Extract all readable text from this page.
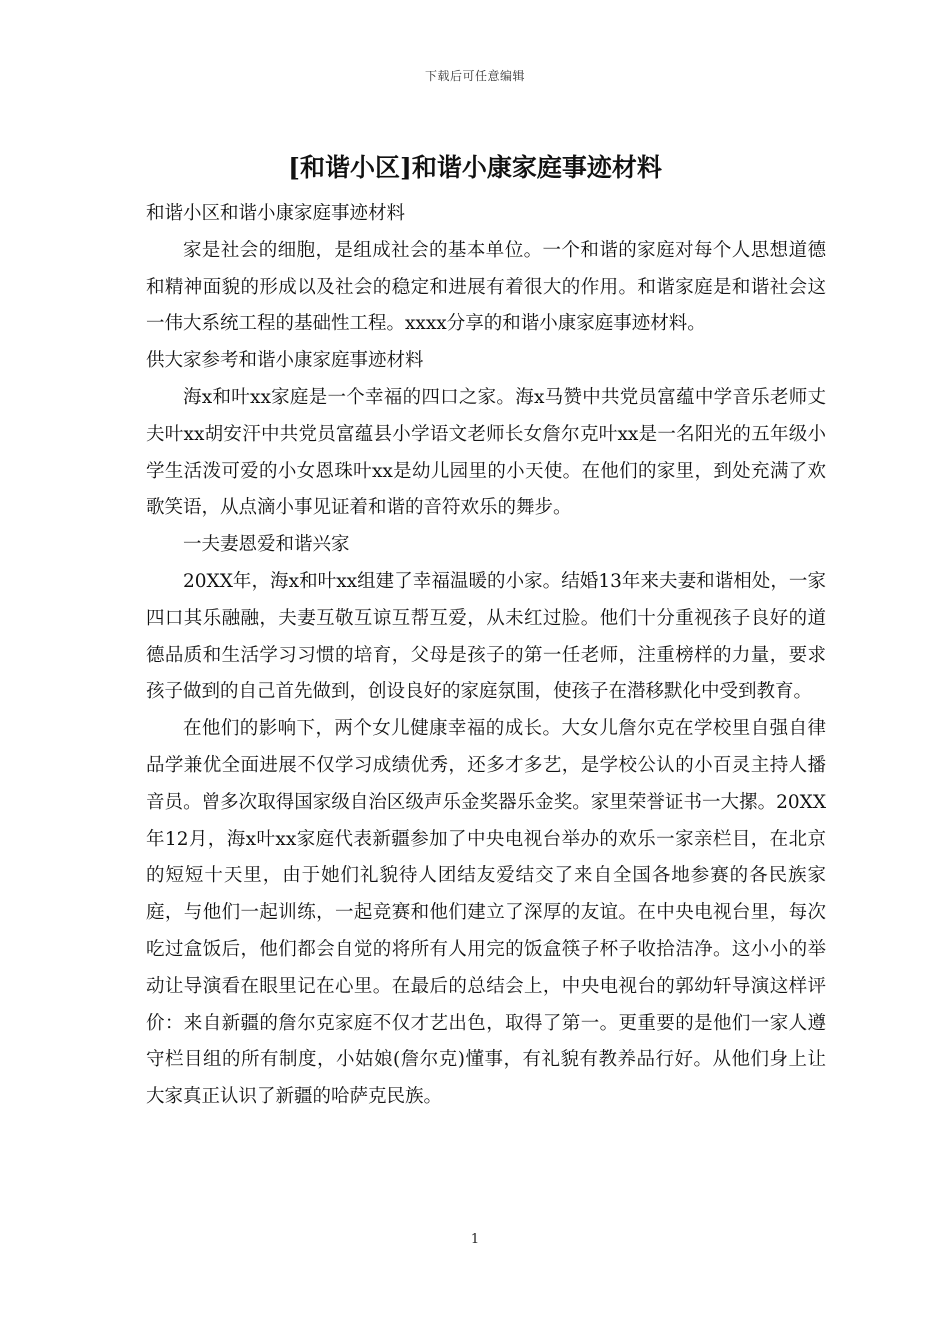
下载后可任意编辑
[和谐小区]和谐小康家庭事迹材料

和谐小区和谐小康家庭事迹材料

家是社会的细胞，是组成社会的基本单位。一个和谐的家庭对每个人思想道德和精神面貌的形成以及社会的稳定和进展有着很大的作用。和谐家庭是和谐社会这一伟大系统工程的基础性工程。xxxx分享的和谐小康家庭事迹材料。

供大家参考和谐小康家庭事迹材料

海x和叶xx家庭是一个幸福的四口之家。海x马赞中共党员富蕴中学音乐老师丈夫叶xx胡安汗中共党员富蕴县小学语文老师长女詹尔克叶xx是一名阳光的五年级小学生活泼可爱的小女恩珠叶xx是幼儿园里的小天使。在他们的家里，到处充满了欢歌笑语，从点滴小事见证着和谐的音符欢乐的舞步。

一夫妻恩爱和谐兴家

20XX年，海x和叶xx组建了幸福温暖的小家。结婚13年来夫妻和谐相处，一家四口其乐融融，夫妻互敬互谅互帮互爱，从未红过脸。他们十分重视孩子良好的道德品质和生活学习习惯的培育，父母是孩子的第一任老师，注重榜样的力量，要求孩子做到的自己首先做到，创设良好的家庭氛围，使孩子在潜移默化中受到教育。

在他们的影响下，两个女儿健康幸福的成长。大女儿詹尔克在学校里自强自律品学兼优全面进展不仅学习成绩优秀，还多才多艺，是学校公认的小百灵主持人播音员。曾多次取得国家级自治区级声乐金奖器乐金奖。家里荣誉证书一大摞。20XX年12月，海x叶xx家庭代表新疆参加了中央电视台举办的欢乐一家亲栏目，在北京的短短十天里，由于她们礼貌待人团结友爱结交了来自全国各地参赛的各民族家庭，与他们一起训练，一起竞赛和他们建立了深厚的友谊。在中央电视台里，每次吃过盒饭后，他们都会自觉的将所有人用完的饭盒筷子杯子收拾洁净。这小小的举动让导演看在眼里记在心里。在最后的总结会上，中央电视台的郭幼轩导演这样评价：来自新疆的詹尔克家庭不仅才艺出色，取得了第一。更重要的是他们一家人遵守栏目组的所有制度，小姑娘(詹尔克)懂事，有礼貌有教养品行好。从他们身上让大家真正认识了新疆的哈萨克民族。

1
